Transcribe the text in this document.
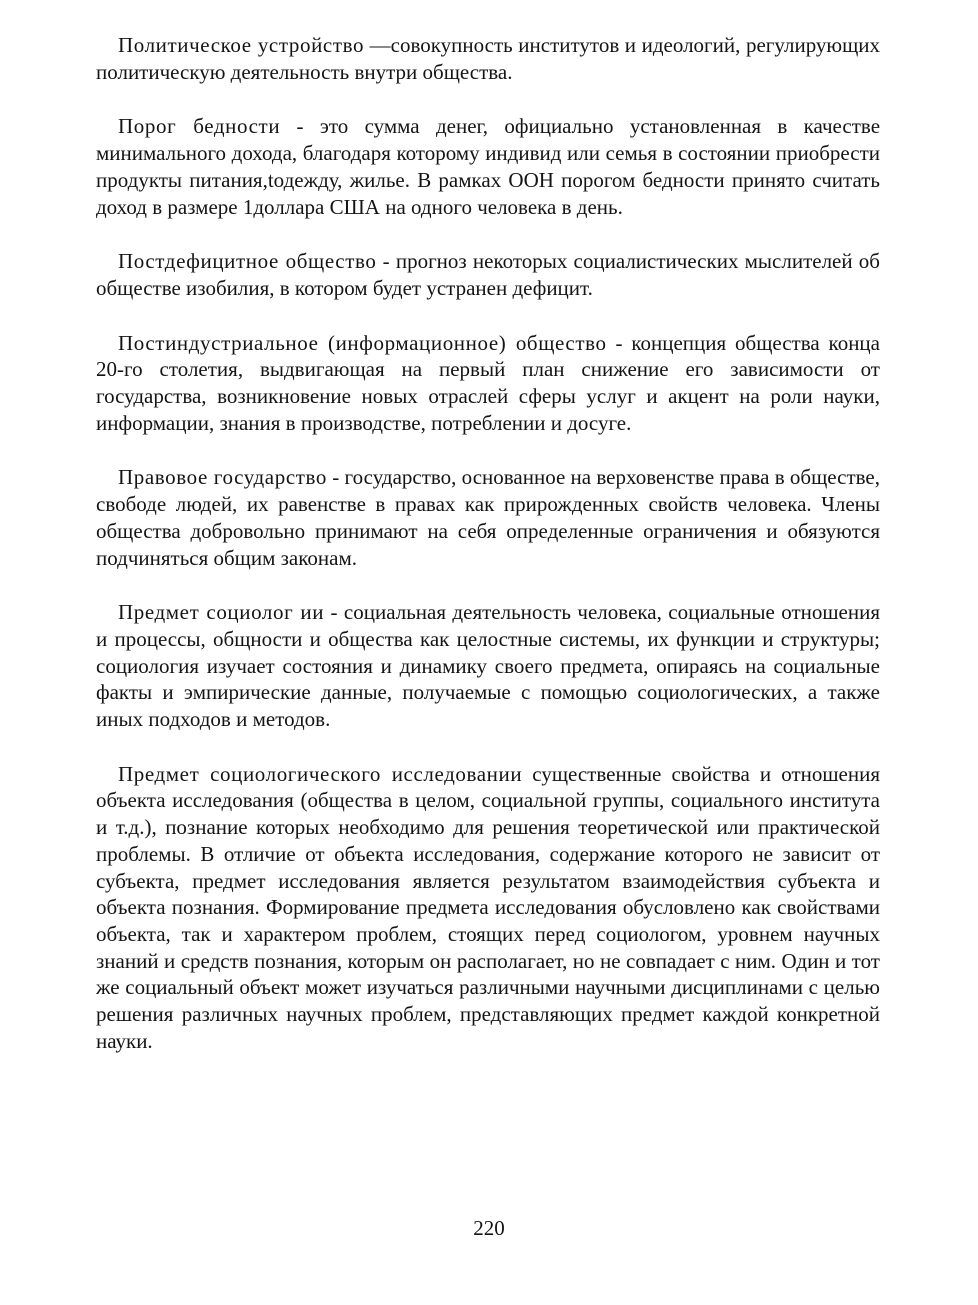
Политическое устройство —совокупность институтов и идеологий, регулирующих политическую деятельность внутри общества.

Порог бедности - это сумма денег, официально установленная в качестве минимального дохода, благодаря которому индивид или семья в состоянии приобрести продукты питания,tодежду, жилье. В рамках ООН порогом бедности принято считать доход в размере 1доллара США на одного человека в день.

Постдефицитное общество - прогноз некоторых социалистических мыслителей об обществе изобилия, в котором будет устранен дефицит.

Постиндустриальное (информационное) общество - концепция общества конца 20-го столетия, выдвигающая на первый план снижение его зависимости от государства, возникновение новых отраслей сферы услуг и акцент на роли науки, информации, знания в производстве, потреблении и досуге.

Правовое государство - государство, основанное на верховенстве права в обществе, свободе людей, их равенстве в правах как прирожденных свойств человека. Члены общества добровольно принимают на себя определенные ограничения и обязуются подчиняться общим законам.

Предмет социолог ии - социальная деятельность человека, социальные отношения и процессы, общности и общества как целостные системы, их функции и структуры; социология изучает состояния и динамику своего предмета, опираясь на социальные факты и эмпирические данные, получаемые с помощью социологических, а также иных подходов и методов.

Предмет социологического исследовании существенные свойства и отношения объекта исследования (общества в целом, социальной группы, социального института и т.д.), познание которых необходимо для решения теоретической или практической проблемы. В отличие от объекта исследования, содержание которого не зависит от субъекта, предмет исследования является результатом взаимодействия субъекта и объекта познания. Формирование предмета исследования обусловлено как свойствами объекта, так и характером проблем, стоящих перед социологом, уровнем научных знаний и средств познания, которым он располагает, но не совпадает с ним. Один и тот же социальный объект может изучаться различными научными дисциплинами с целью решения различных научных проблем, представляющих предмет каждой конкретной науки.

220
